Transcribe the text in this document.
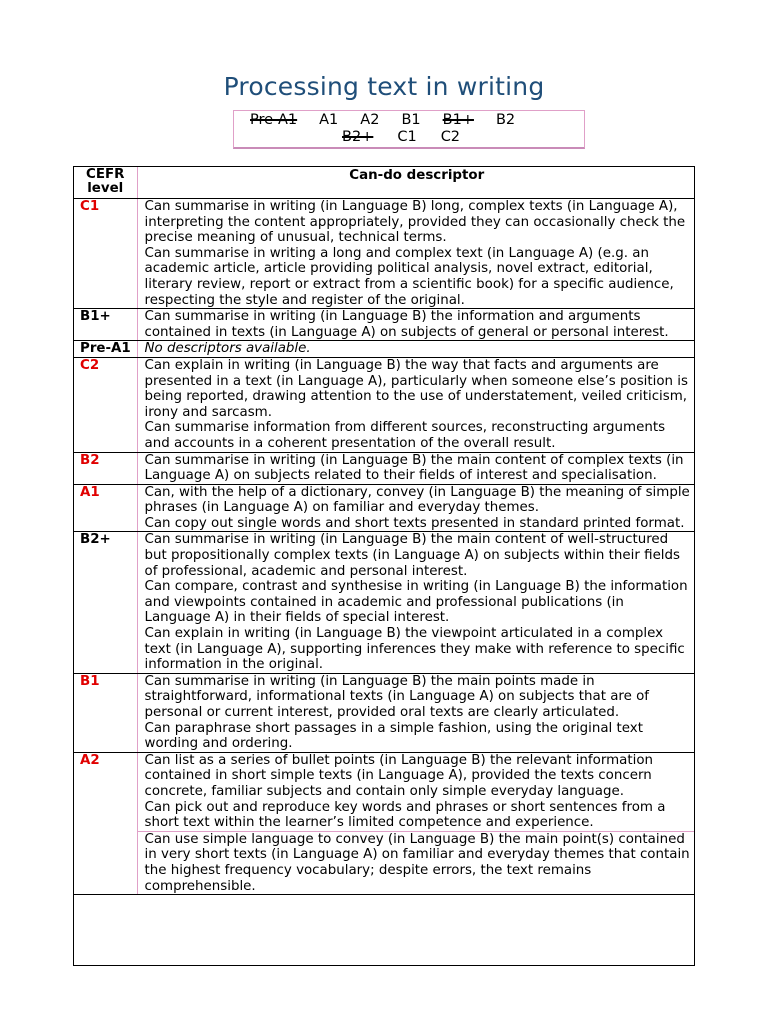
Processing text in writing
Pre-A1 A1 A2 B1 B1+ B2
B2+ C1 C2
CEFR level	Can-do descriptor
C1	Can summarise in writing (in Language B) long, complex texts (in Language A), interpreting the content appropriately, provided they can occasionally check the precise meaning of unusual, technical terms.

Can summarise in writing a long and complex text (in Language A) (e.g. an academic article, article providing political analysis, novel extract, editorial, literary review, report or extract from a scientific book) for a specific audience, respecting the style and register of the original.

B1+	Can summarise in writing (in Language B) the information and arguments contained in texts (in Language A) on subjects of general or personal interest.

Pre-A1	No descriptors available.

C2	Can explain in writing (in Language B) the way that facts and arguments are presented in a text (in Language A), particularly when someone else’s position is being reported, drawing attention to the use of understatement, veiled criticism, irony and sarcasm.

Can summarise information from different sources, reconstructing arguments and accounts in a coherent presentation of the overall result.

B2	Can summarise in writing (in Language B) the main content of complex texts (in

Language A) on subjects related to their fields of interest and specialisation.

A1	Can, with the help of a dictionary, convey (in Language B) the meaning of simple

phrases (in Language A) on familiar and everyday themes.

Can copy out single words and short texts presented in standard printed format.

B2+	Can summarise in writing (in Language B) the main content of well-structured but propositionally complex texts (in Language A) on subjects within their fields of professional, academic and personal interest.

Can compare, contrast and synthesise in writing (in Language B) the information

and viewpoints contained in academic and professional publications (in Language A) in their fields of special interest.

Can explain in writing (in Language B) the viewpoint articulated in a complex

text (in Language A), supporting inferences they make with reference to specific information in the original.

B1	Can summarise in writing (in Language B) the main points made in straightforward, informational texts (in Language A) on subjects that are of personal or current interest, provided oral texts are clearly articulated.

Can paraphrase short passages in a simple fashion, using the original text wording and ordering.

A2	Can list as a series of bullet points (in Language B) the relevant information contained in short simple texts (in Language A), provided the texts concern concrete, familiar subjects and contain only simple everyday language.

Can pick out and reproduce key words and phrases or short sentences from a short text within the learner’s limited competence and experience.

	Can use simple language to convey (in Language B) the main point(s) contained in very short texts (in Language A) on familiar and everyday themes that contain the highest frequency vocabulary; despite errors, the text remains comprehensible.
